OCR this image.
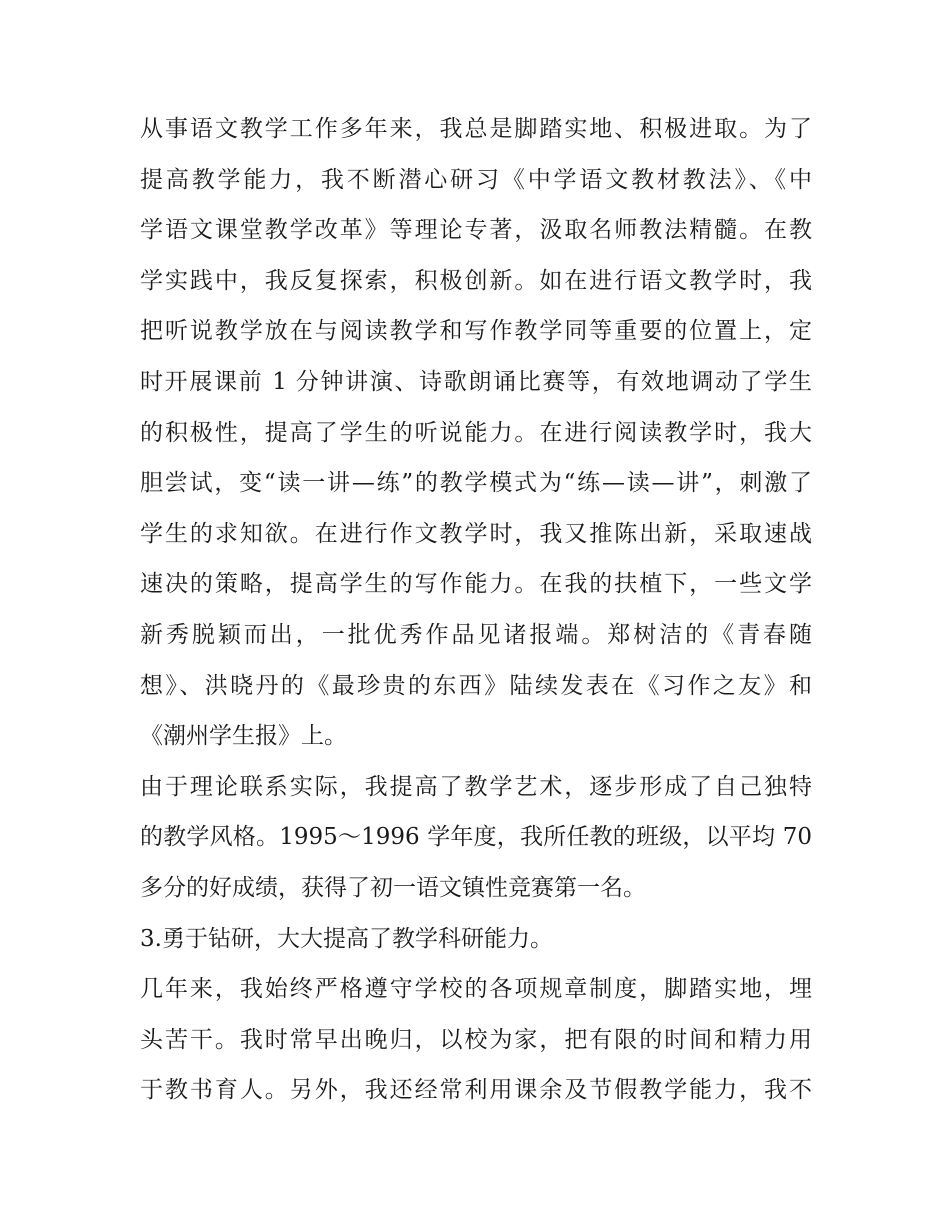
从事语文教学工作多年来，我总是脚踏实地、积极进取。为了
提高教学能力，我不断潜心研习《中学语文教材教法》、《中
学语文课堂教学改革》等理论专著，汲取名师教法精髓。在教
学实践中，我反复探索，积极创新。如在进行语文教学时，我
把听说教学放在与阅读教学和写作教学同等重要的位置上，定
时开展课前 1 分钟讲演、诗歌朗诵比赛等，有效地调动了学生
的积极性，提高了学生的听说能力。在进行阅读教学时，我大
胆尝试，变“读一讲—练”的教学模式为“练—读—讲”，刺激了
学生的求知欲。在进行作文教学时，我又推陈出新，采取速战
速决的策略，提高学生的写作能力。在我的扶植下，一些文学
新秀脱颖而出，一批优秀作品见诸报端。郑树洁的《青春随
想》、洪晓丹的《最珍贵的东西》陆续发表在《习作之友》和
《潮州学生报》上。

由于理论联系实际，我提高了教学艺术，逐步形成了自己独特
的教学风格。1995～1996 学年度，我所任教的班级，以平均 70
多分的好成绩，获得了初一语文镇性竞赛第一名。

3.勇于钻研，大大提高了教学科研能力。

几年来，我始终严格遵守学校的各项规章制度，脚踏实地，埋
头苦干。我时常早出晚归，以校为家，把有限的时间和精力用
于教书育人。另外，我还经常利用课余及节假教学能力，我不
